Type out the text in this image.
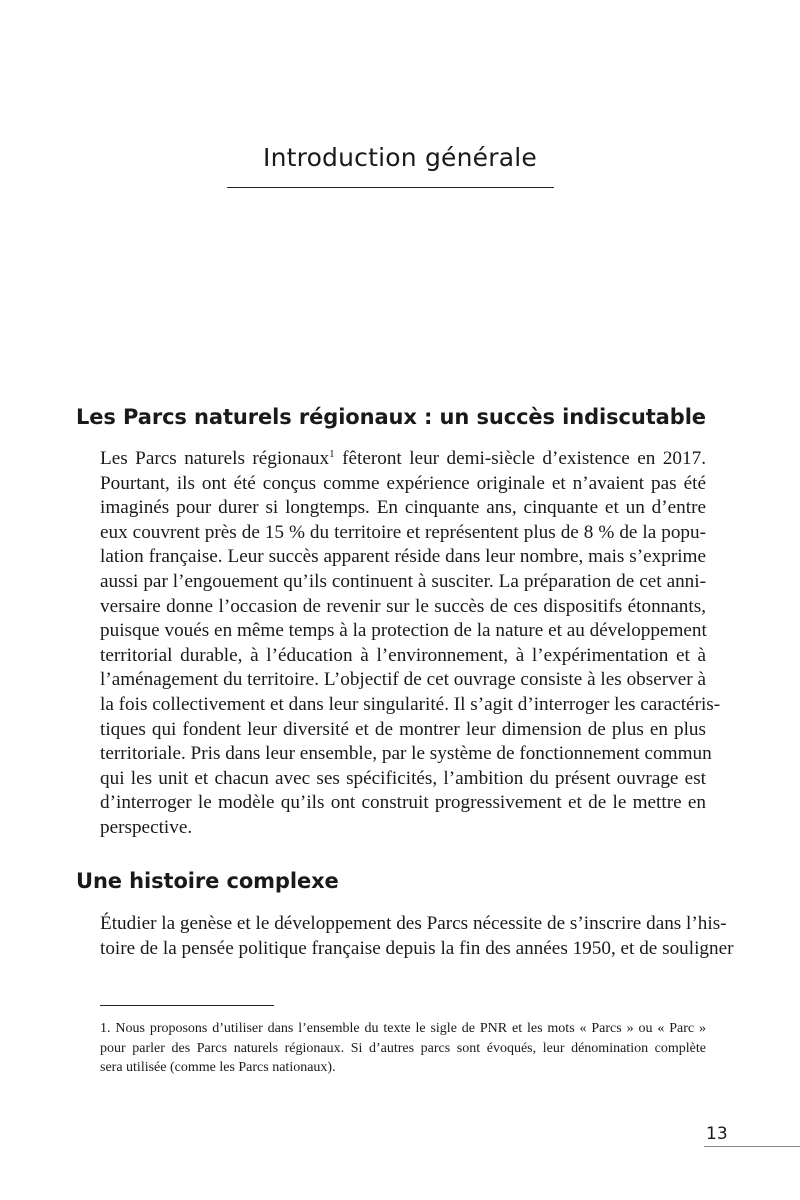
Introduction générale
Les Parcs naturels régionaux : un succès indiscutable

Les Parcs naturels régionaux$^1$ fêteront leur demi-siècle d’existence en 2017.
Pourtant, ils ont été conçus comme expérience originale et n’avaient pas été
imaginés pour durer si longtemps. En cinquante ans, cinquante et un d’entre
eux couvrent près de 15 % du territoire et représentent plus de 8 % de la popu-
lation française. Leur succès apparent réside dans leur nombre, mais s’exprime
aussi par l’engouement qu’ils continuent à susciter. La préparation de cet anni-
versaire donne l’occasion de revenir sur le succès de ces dispositifs étonnants,
puisque voués en même temps à la protection de la nature et au développement
territorial durable, à l’éducation à l’environnement, à l’expérimentation et à
l’aménagement du territoire. L’objectif de cet ouvrage consiste à les observer à
la fois collectivement et dans leur singularité. Il s’agit d’interroger les caractéris-
tiques qui fondent leur diversité et de montrer leur dimension de plus en plus
territoriale. Pris dans leur ensemble, par le système de fonctionnement commun
qui les unit et chacun avec ses spécificités, l’ambition du présent ouvrage est
d’interroger le modèle qu’ils ont construit progressivement et de le mettre en
perspective.

Une histoire complexe

Étudier la genèse et le développement des Parcs nécessite de s’inscrire dans l’his-
toire de la pensée politique française depuis la fin des années 1950, et de souligner

1. Nous proposons d’utiliser dans l’ensemble du texte le sigle de PNR et les mots « Parcs » ou « Parc »
pour parler des Parcs naturels régionaux. Si d’autres parcs sont évoqués, leur dénomination complète
sera utilisée (comme les Parcs nationaux).

13
